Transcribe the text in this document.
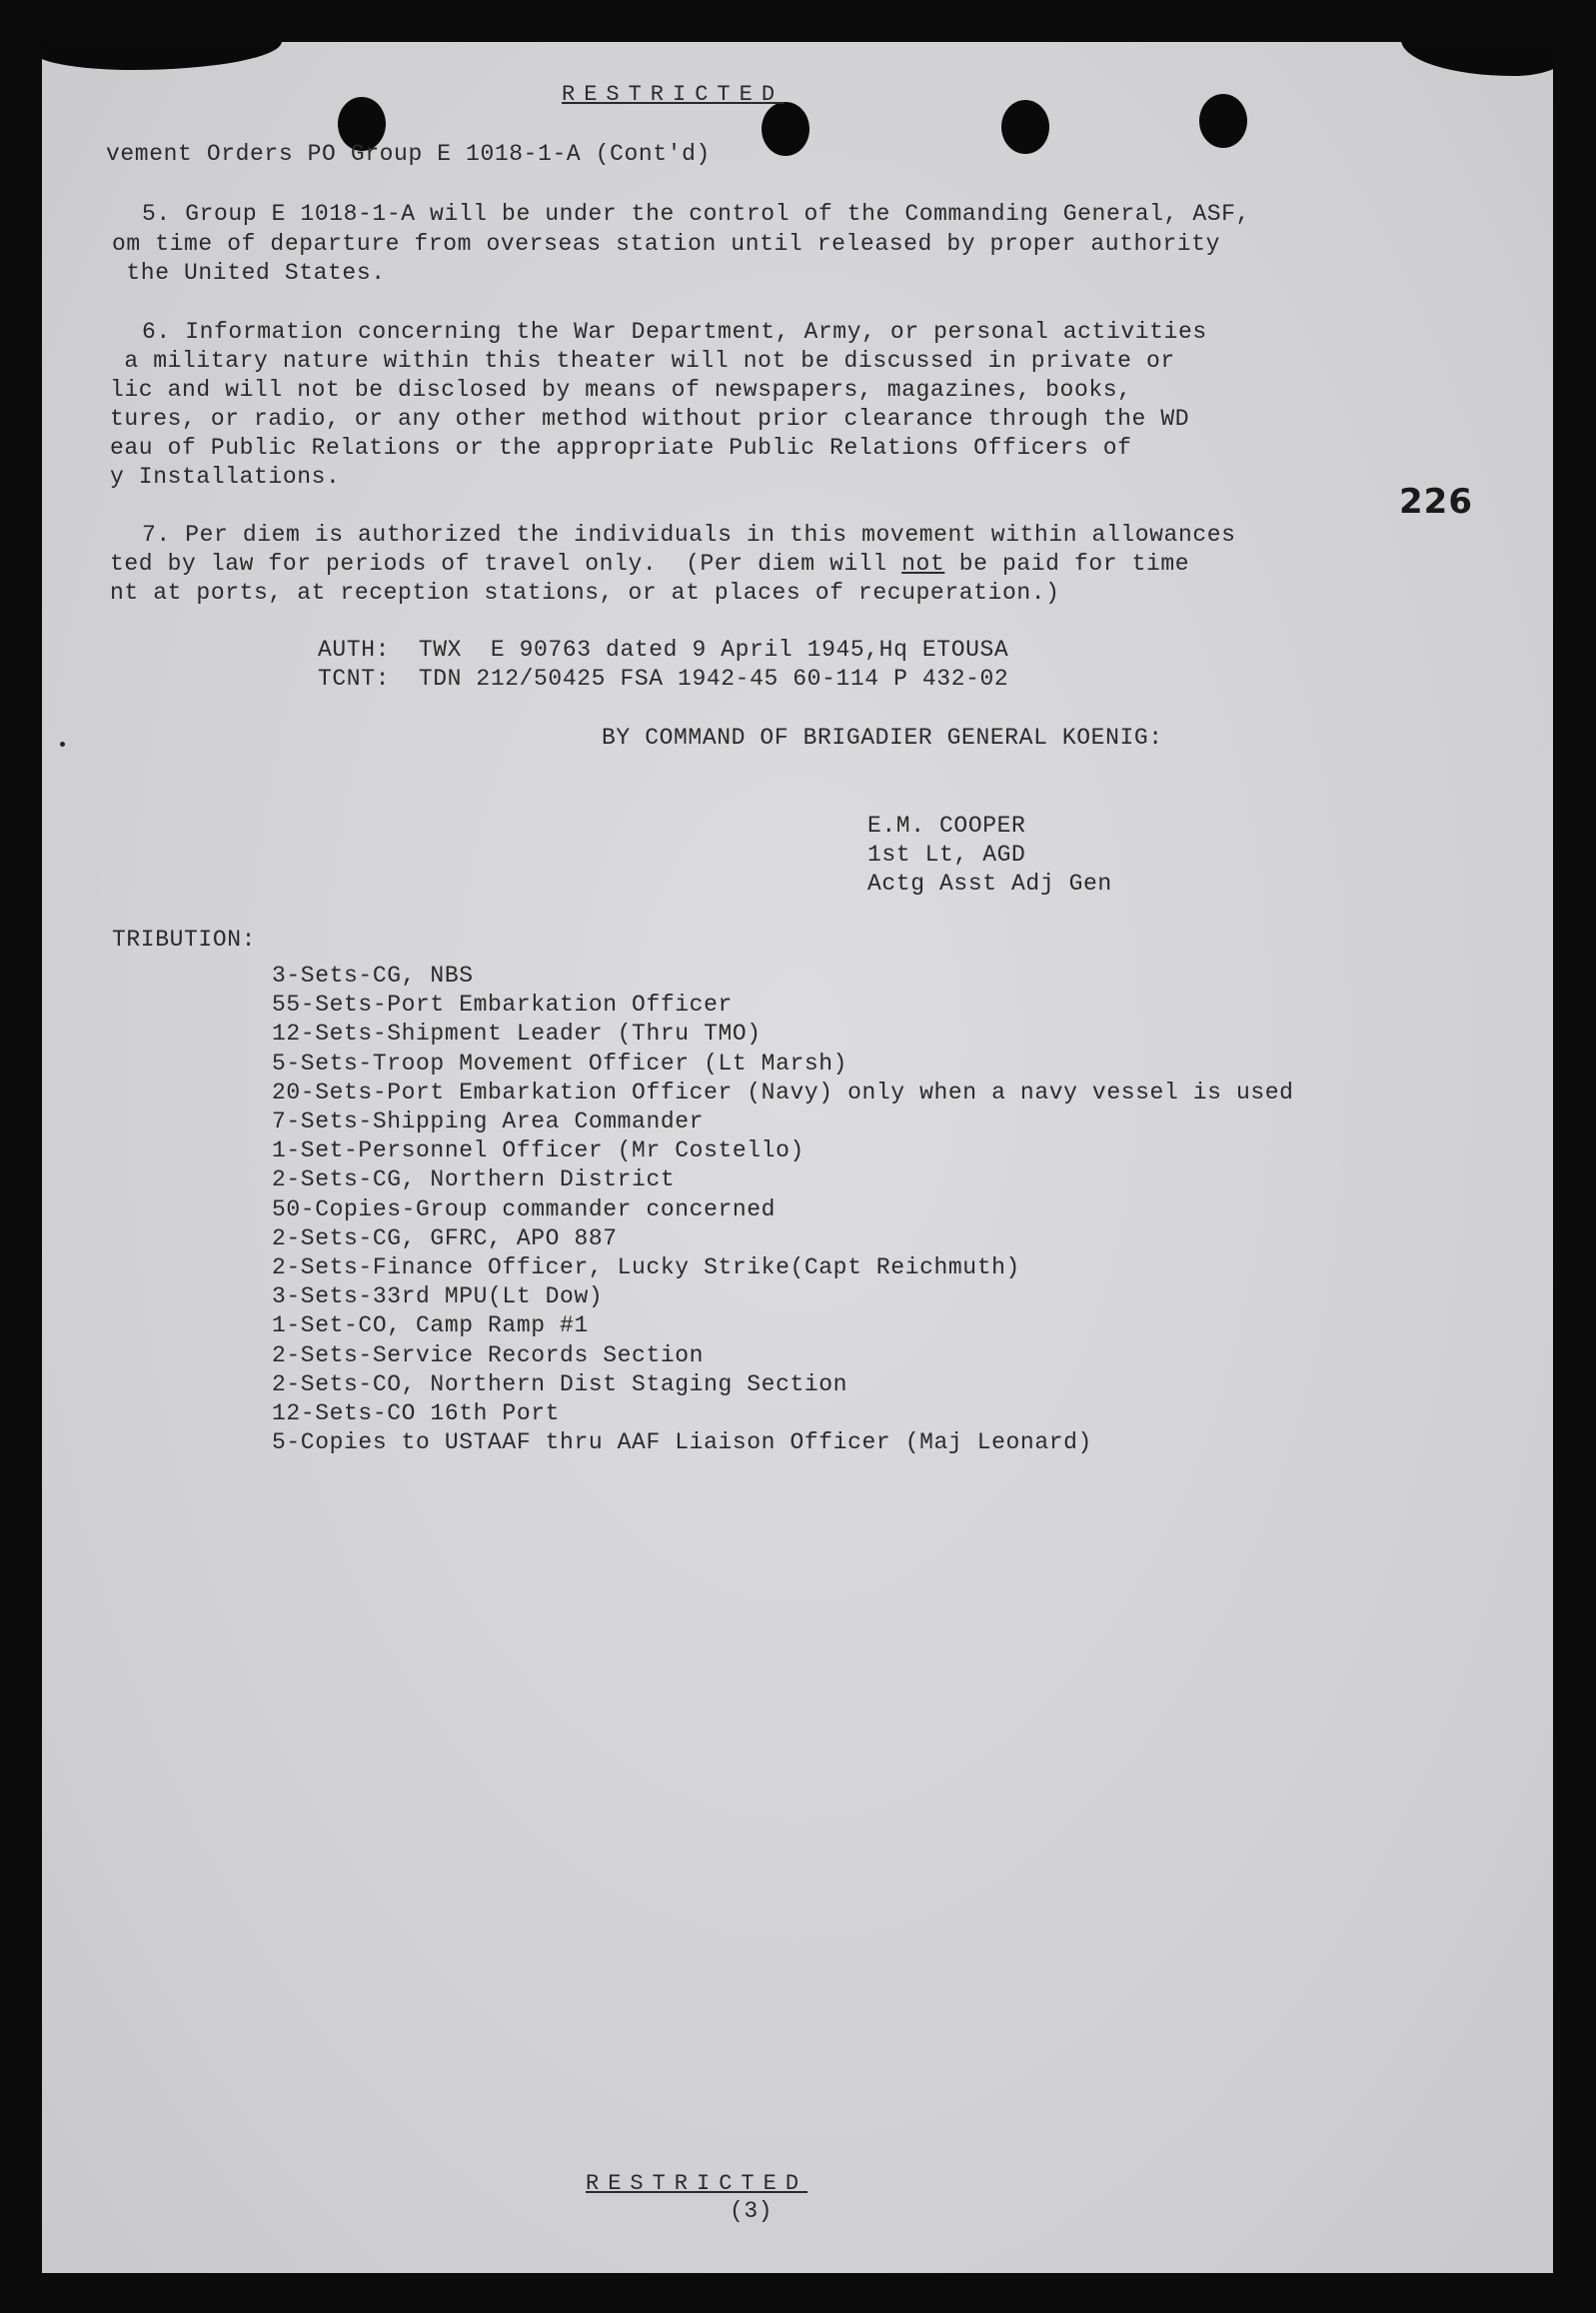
RESTRICTED
vement Orders PO Group E 1018-1-A (Cont'd)
226
5. Group E 1018-1-A will be under the control of the Commanding General, ASF,
om time of departure from overseas station until released by proper authority
the United States.
6. Information concerning the War Department, Army, or personal activities
a military nature within this theater will not be discussed in private or
lic and will not be disclosed by means of newspapers, magazines, books,
tures, or radio, or any other method without prior clearance through the WD
eau of Public Relations or the appropriate Public Relations Officers of
y Installations.
7. Per diem is authorized the individuals in this movement within allowances
ted by law for periods of travel only.  (Per diem will not be paid for time
nt at ports, at reception stations, or at places of recuperation.)
AUTH:  TWX  E 90763 dated 9 April 1945,Hq ETOUSA
TCNT:  TDN 212/50425 FSA 1942-45 60-114 P 432-02
BY COMMAND OF BRIGADIER GENERAL KOENIG:
E.M. COOPER
1st Lt, AGD
Actg Asst Adj Gen
TRIBUTION:
3-Sets-CG, NBS
55-Sets-Port Embarkation Officer
12-Sets-Shipment Leader (Thru TMO)
5-Sets-Troop Movement Officer (Lt Marsh)
20-Sets-Port Embarkation Officer (Navy) only when a navy vessel is used
7-Sets-Shipping Area Commander
1-Set-Personnel Officer (Mr Costello)
2-Sets-CG, Northern District
50-Copies-Group commander concerned
2-Sets-CG, GFRC, APO 887
2-Sets-Finance Officer, Lucky Strike(Capt Reichmuth)
3-Sets-33rd MPU(Lt Dow)
1-Set-CO, Camp Ramp #1
2-Sets-Service Records Section
2-Sets-CO, Northern Dist Staging Section
12-Sets-CO 16th Port
5-Copies to USTAAF thru AAF Liaison Officer (Maj Leonard)
RESTRICTED
(3)
